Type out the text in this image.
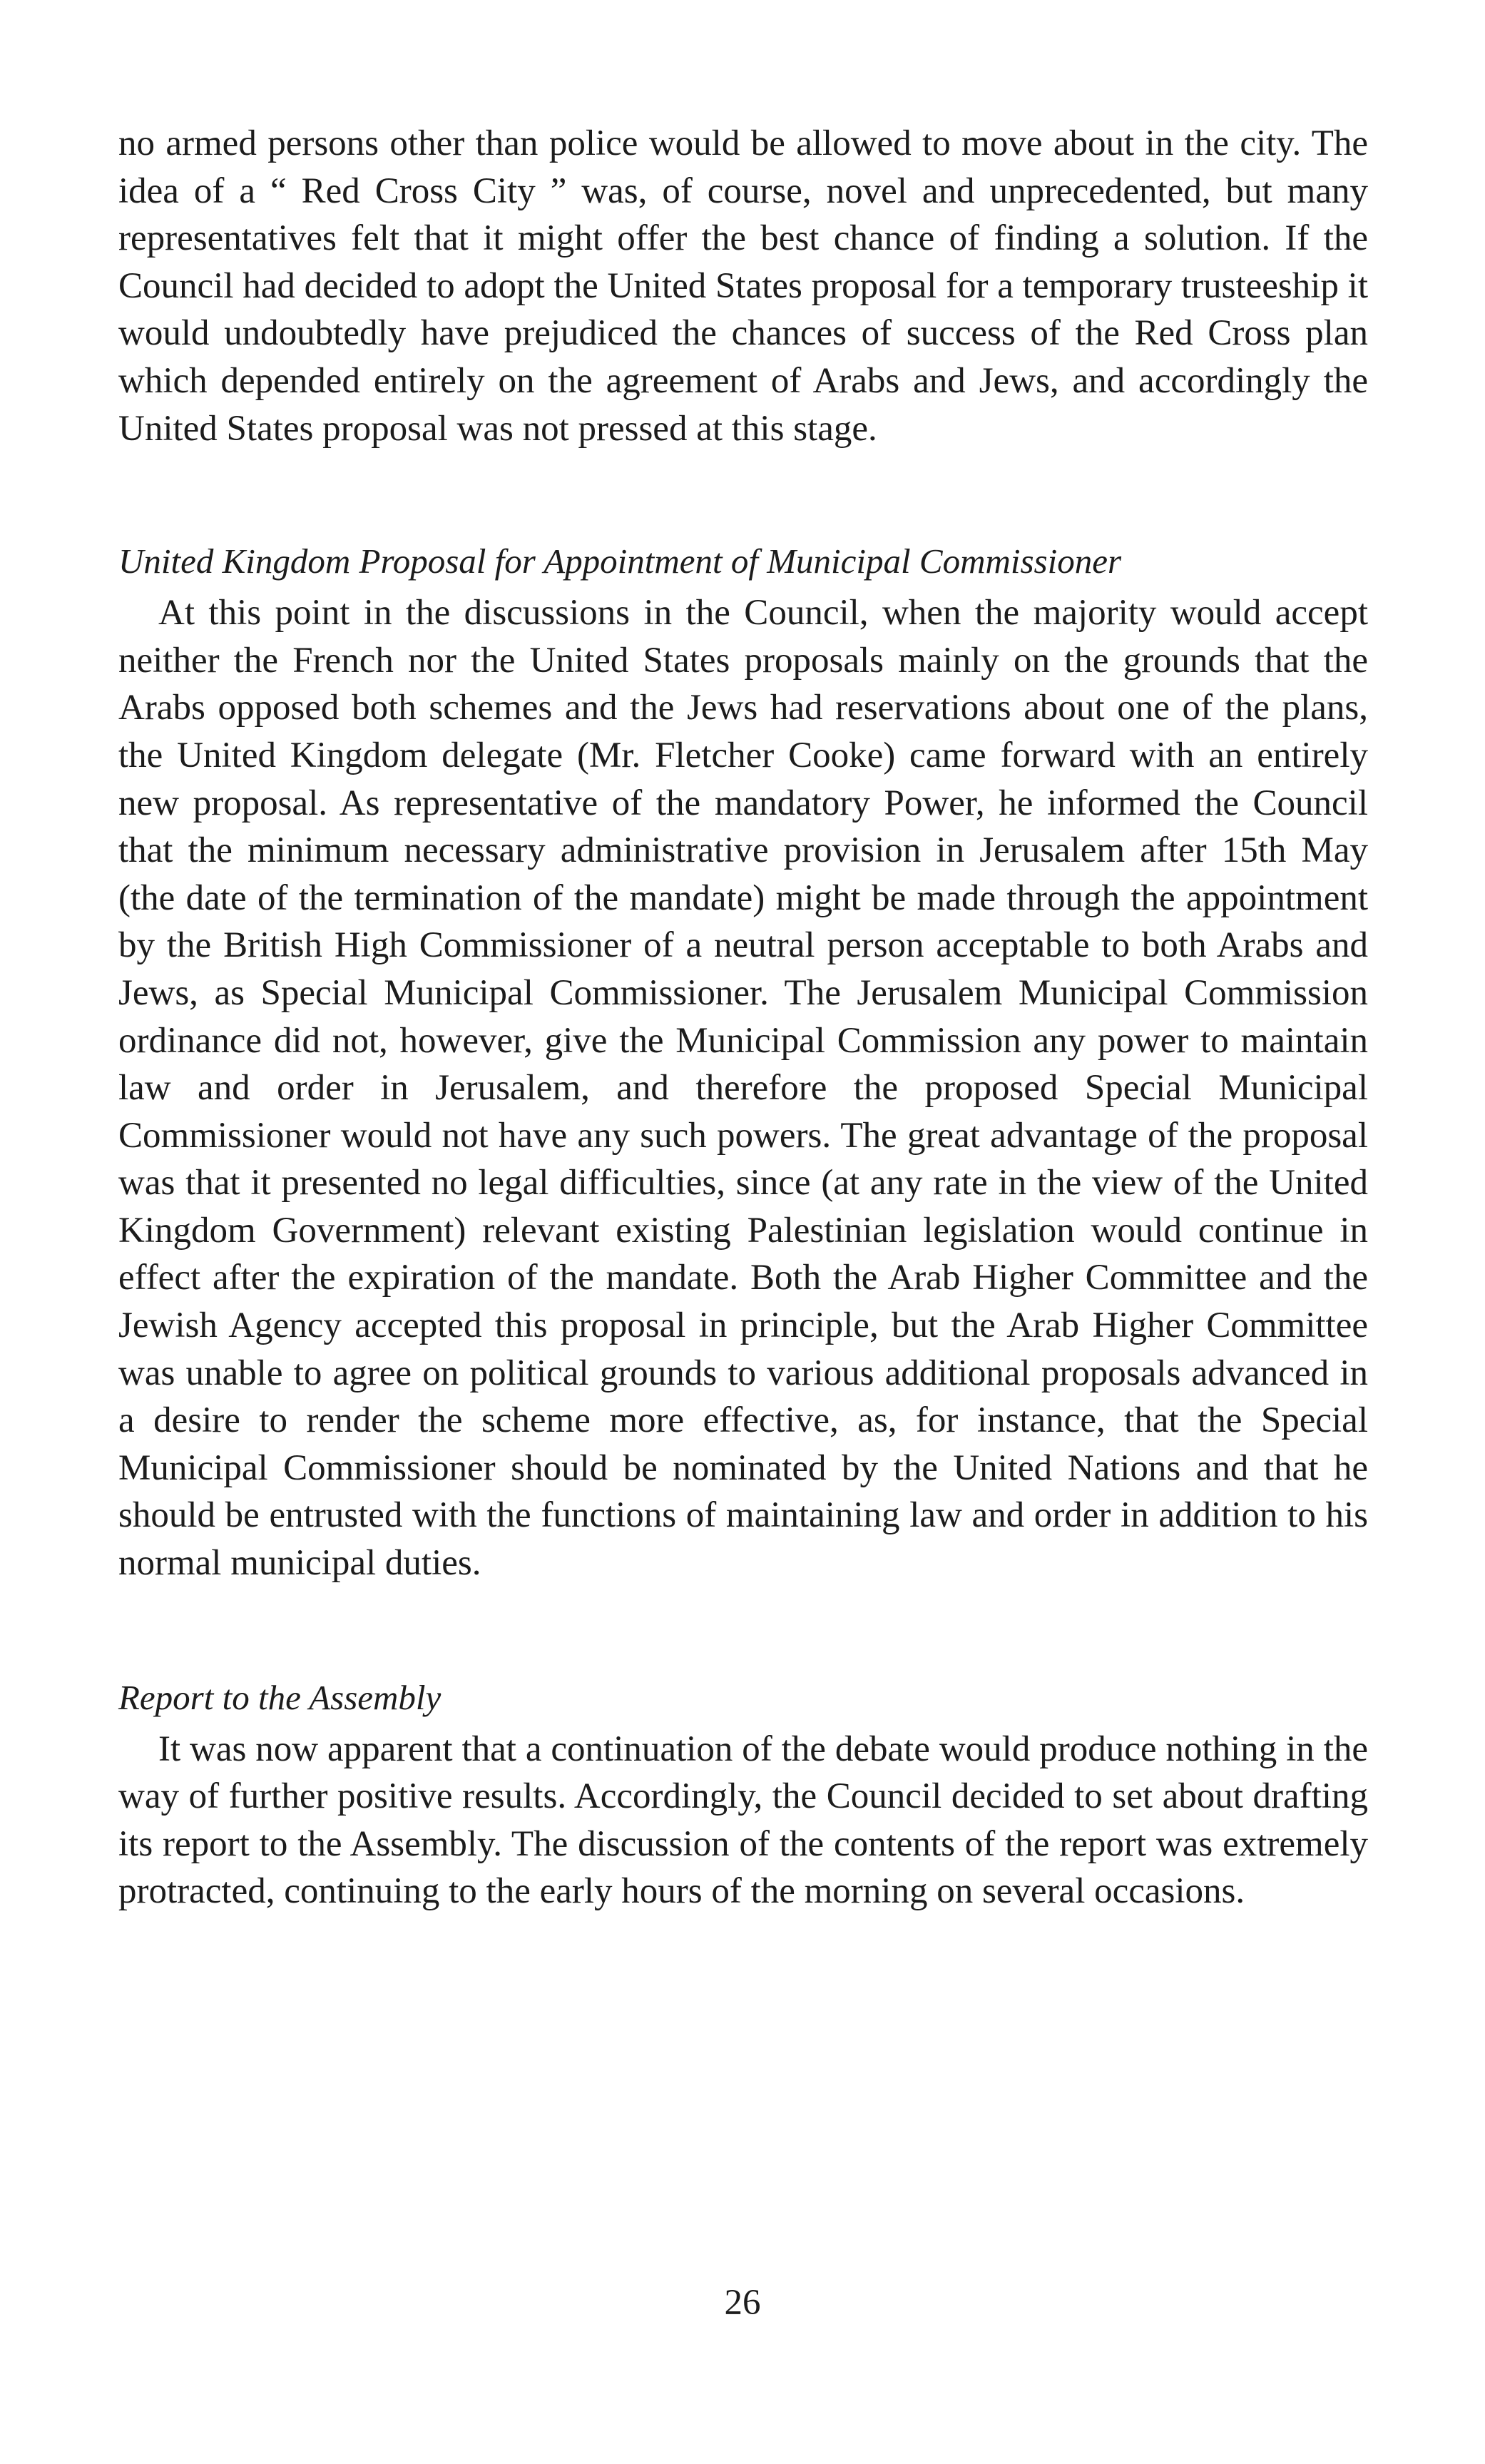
no armed persons other than police would be allowed to move about in the city. The idea of a “ Red Cross City ” was, of course, novel and unprecedented, but many representatives felt that it might offer the best chance of finding a solution. If the Council had decided to adopt the United States proposal for a temporary trusteeship it would undoubtedly have prejudiced the chances of success of the Red Cross plan which depended entirely on the agreement of Arabs and Jews, and accordingly the United States proposal was not pressed at this stage.

United Kingdom Proposal for Appointment of Municipal Commissioner

At this point in the discussions in the Council, when the majority would accept neither the French nor the United States proposals mainly on the grounds that the Arabs opposed both schemes and the Jews had reservations about one of the plans, the United Kingdom delegate (Mr. Fletcher Cooke) came forward with an entirely new proposal. As representative of the mandatory Power, he informed the Council that the minimum necessary administrative provision in Jerusalem after 15th May (the date of the termination of the mandate) might be made through the appointment by the British High Commissioner of a neutral person acceptable to both Arabs and Jews, as Special Municipal Commissioner. The Jerusalem Municipal Commission ordinance did not, however, give the Municipal Commission any power to maintain law and order in Jerusalem, and therefore the proposed Special Municipal Commissioner would not have any such powers. The great advantage of the proposal was that it presented no legal difficulties, since (at any rate in the view of the United Kingdom Government) relevant existing Palestinian legislation would continue in effect after the expiration of the mandate. Both the Arab Higher Committee and the Jewish Agency accepted this proposal in principle, but the Arab Higher Committee was unable to agree on political grounds to various additional proposals advanced in a desire to render the scheme more effective, as, for instance, that the Special Municipal Commissioner should be nominated by the United Nations and that he should be entrusted with the functions of maintaining law and order in addition to his normal municipal duties.

Report to the Assembly

It was now apparent that a continuation of the debate would produce nothing in the way of further positive results. Accordingly, the Council decided to set about drafting its report to the Assembly. The discussion of the contents of the report was extremely protracted, continuing to the early hours of the morning on several occasions.

26
